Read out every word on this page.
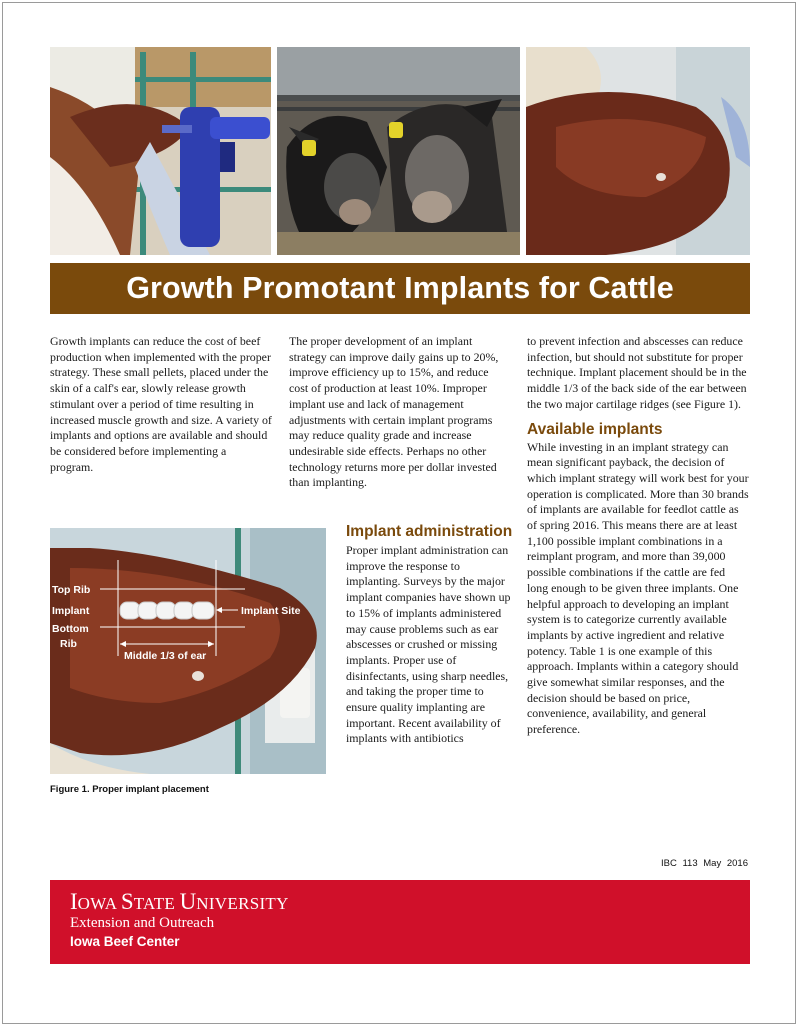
Growth Promotant Implants for Cattle

Growth implants can reduce the cost of beef production when implemented with the proper strategy. These small pellets, placed under the skin of a calf's ear, slowly release growth stimulant over a period of time resulting in increased muscle growth and size. A variety of implants and options are available and should be considered before implementing a program.

The proper development of an implant strategy can improve daily gains up to 20%, improve efficiency up to 15%, and reduce cost of production at least 10%. Improper implant use and lack of management adjustments with certain implant programs may reduce quality grade and increase undesirable side effects. Perhaps no other technology returns more per dollar invested than implanting.

Implant administration

Proper implant administration can improve the response to implanting. Surveys by the major implant companies have shown up to 15% of implants administered may cause problems such as ear abscesses or crushed or missing implants. Proper use of disinfectants, using sharp needles, and taking the proper time to ensure quality implanting are important. Recent availability of implants with antibiotics

to prevent infection and abscesses can reduce infection, but should not substitute for proper technique. Implant placement should be in the middle 1/3 of the back side of the ear between the two major cartilage ridges (see Figure 1).

Available implants

While investing in an implant strategy can mean significant payback, the decision of which implant strategy will work best for your operation is complicated. More than 30 brands of implants are available for feedlot cattle as of spring 2016. This means there are at least 1,100 possible implant combinations in a reimplant program, and more than 39,000 possible combinations if the cattle are fed long enough to be given three implants. One helpful approach to developing an implant system is to categorize currently available implants by active ingredient and relative potency. Table 1 is one example of this approach. Implants within a category should give somewhat similar responses, and the decision should be based on price, convenience, availability, and general preference.

Top Rib
Implant
Bottom
Rib
Implant Site
Middle 1/3 of ear
Figure 1. Proper implant placement
IBC 113 May 2016
IOWA STATE UNIVERSITY
Extension and Outreach
Iowa Beef Center
